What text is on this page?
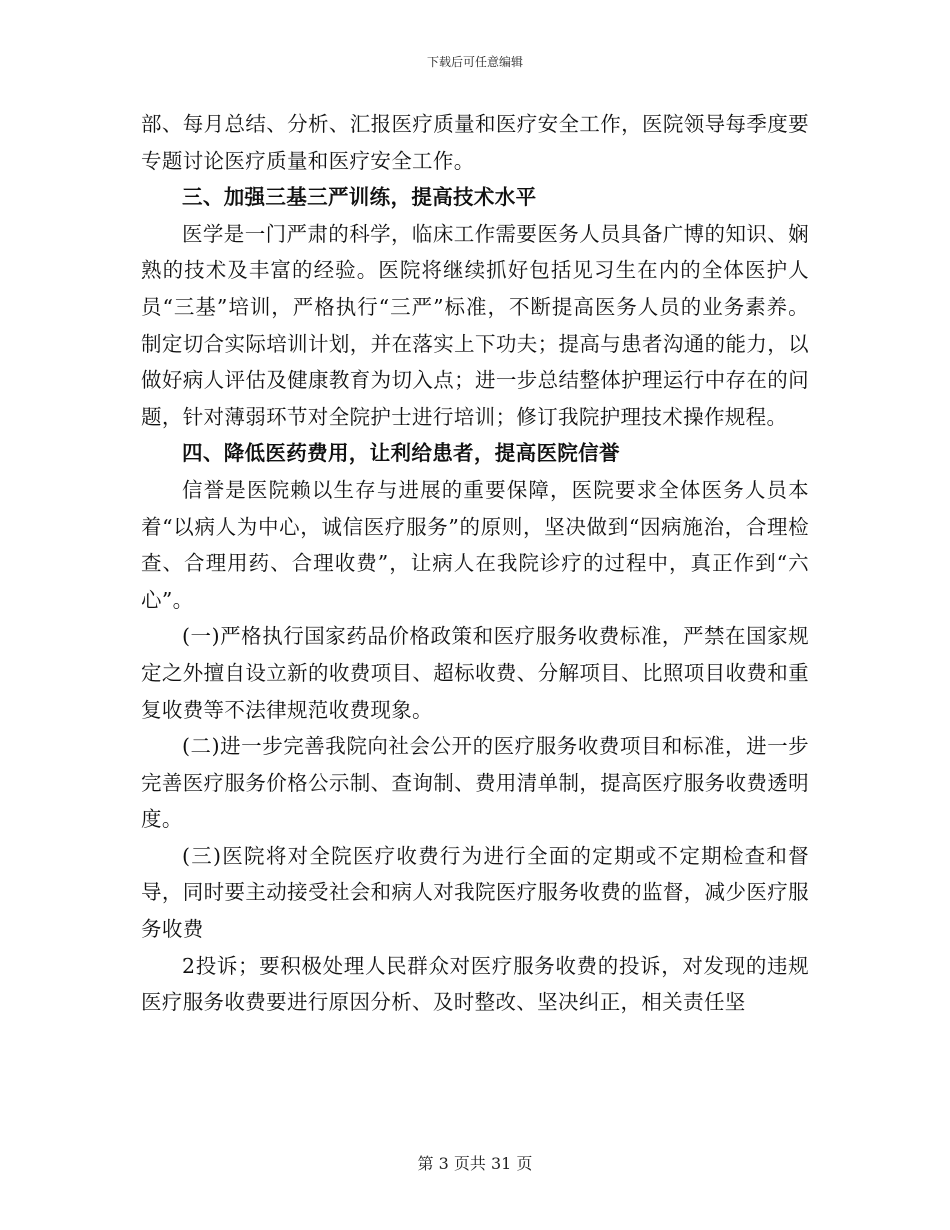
下载后可任意编辑

部、每月总结、分析、汇报医疗质量和医疗安全工作，医院领导每季度要专题讨论医疗质量和医疗安全工作。

三、加强三基三严训练，提高技术水平

医学是一门严肃的科学，临床工作需要医务人员具备广博的知识、娴熟的技术及丰富的经验。医院将继续抓好包括见习生在内的全体医护人员“三基”培训，严格执行“三严”标准，不断提高医务人员的业务素养。制定切合实际培训计划，并在落实上下功夫；提高与患者沟通的能力，以做好病人评估及健康教育为切入点；进一步总结整体护理运行中存在的问题，针对薄弱环节对全院护士进行培训；修订我院护理技术操作规程。

四、降低医药费用，让利给患者，提高医院信誉

信誉是医院赖以生存与进展的重要保障，医院要求全体医务人员本着“以病人为中心，诚信医疗服务”的原则，坚决做到“因病施治，合理检查、合理用药、合理收费”，让病人在我院诊疗的过程中，真正作到“六心”。

(一)严格执行国家药品价格政策和医疗服务收费标准，严禁在国家规定之外擅自设立新的收费项目、超标收费、分解项目、比照项目收费和重复收费等不法律规范收费现象。

(二)进一步完善我院向社会公开的医疗服务收费项目和标准，进一步完善医疗服务价格公示制、查询制、费用清单制，提高医疗服务收费透明度。

(三)医院将对全院医疗收费行为进行全面的定期或不定期检查和督导，同时要主动接受社会和病人对我院医疗服务收费的监督，减少医疗服务收费

2投诉；要积极处理人民群众对医疗服务收费的投诉，对发现的违规医疗服务收费要进行原因分析、及时整改、坚决纠正，相关责任坚

第 3 页共 31 页
